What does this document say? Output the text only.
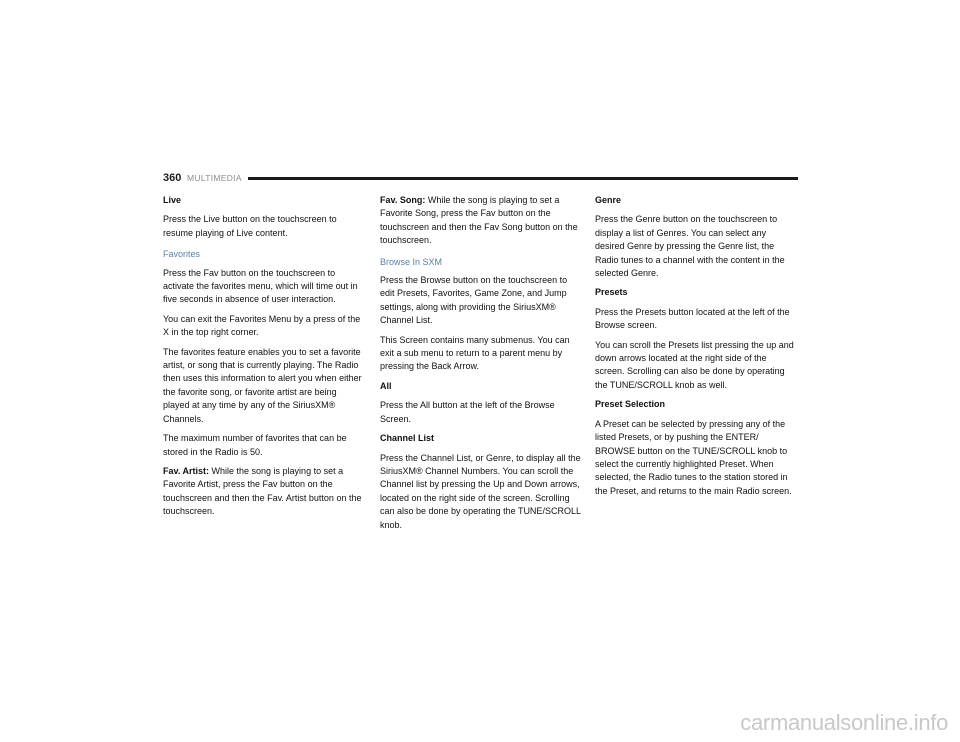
360 MULTIMEDIA

Live

Press the Live button on the touchscreen to resume playing of Live content.

Favorites

Press the Fav button on the touchscreen to activate the favorites menu, which will time out in five seconds in absence of user interaction.

You can exit the Favorites Menu by a press of the X in the top right corner.

The favorites feature enables you to set a favorite artist, or song that is currently playing. The Radio then uses this information to alert you when either the favorite song, or favorite artist are being played at any time by any of the SiriusXM® Channels.

The maximum number of favorites that can be stored in the Radio is 50.

Fav. Artist: While the song is playing to set a Favorite Artist, press the Fav button on the touchscreen and then the Fav. Artist button on the touchscreen.

Fav. Song: While the song is playing to set a Favorite Song, press the Fav button on the touchscreen and then the Fav Song button on the touchscreen.

Browse In SXM

Press the Browse button on the touchscreen to edit Presets, Favorites, Game Zone, and Jump settings, along with providing the SiriusXM® Channel List.

This Screen contains many submenus. You can exit a sub menu to return to a parent menu by pressing the Back Arrow.

All

Press the All button at the left of the Browse Screen.

Channel List

Press the Channel List, or Genre, to display all the SiriusXM® Channel Numbers. You can scroll the Channel list by pressing the Up and Down arrows, located on the right side of the screen. Scrolling can also be done by operating the TUNE/SCROLL knob.

Genre

Press the Genre button on the touchscreen to display a list of Genres. You can select any desired Genre by pressing the Genre list, the Radio tunes to a channel with the content in the selected Genre.

Presets

Press the Presets button located at the left of the Browse screen.

You can scroll the Presets list pressing the up and down arrows located at the right side of the screen. Scrolling can also be done by operating the TUNE/SCROLL knob as well.

Preset Selection

A Preset can be selected by pressing any of the listed Presets, or by pushing the ENTER/ BROWSE button on the TUNE/SCROLL knob to select the currently highlighted Preset. When selected, the Radio tunes to the station stored in the Preset, and returns to the main Radio screen.

carmanualsonline.info
